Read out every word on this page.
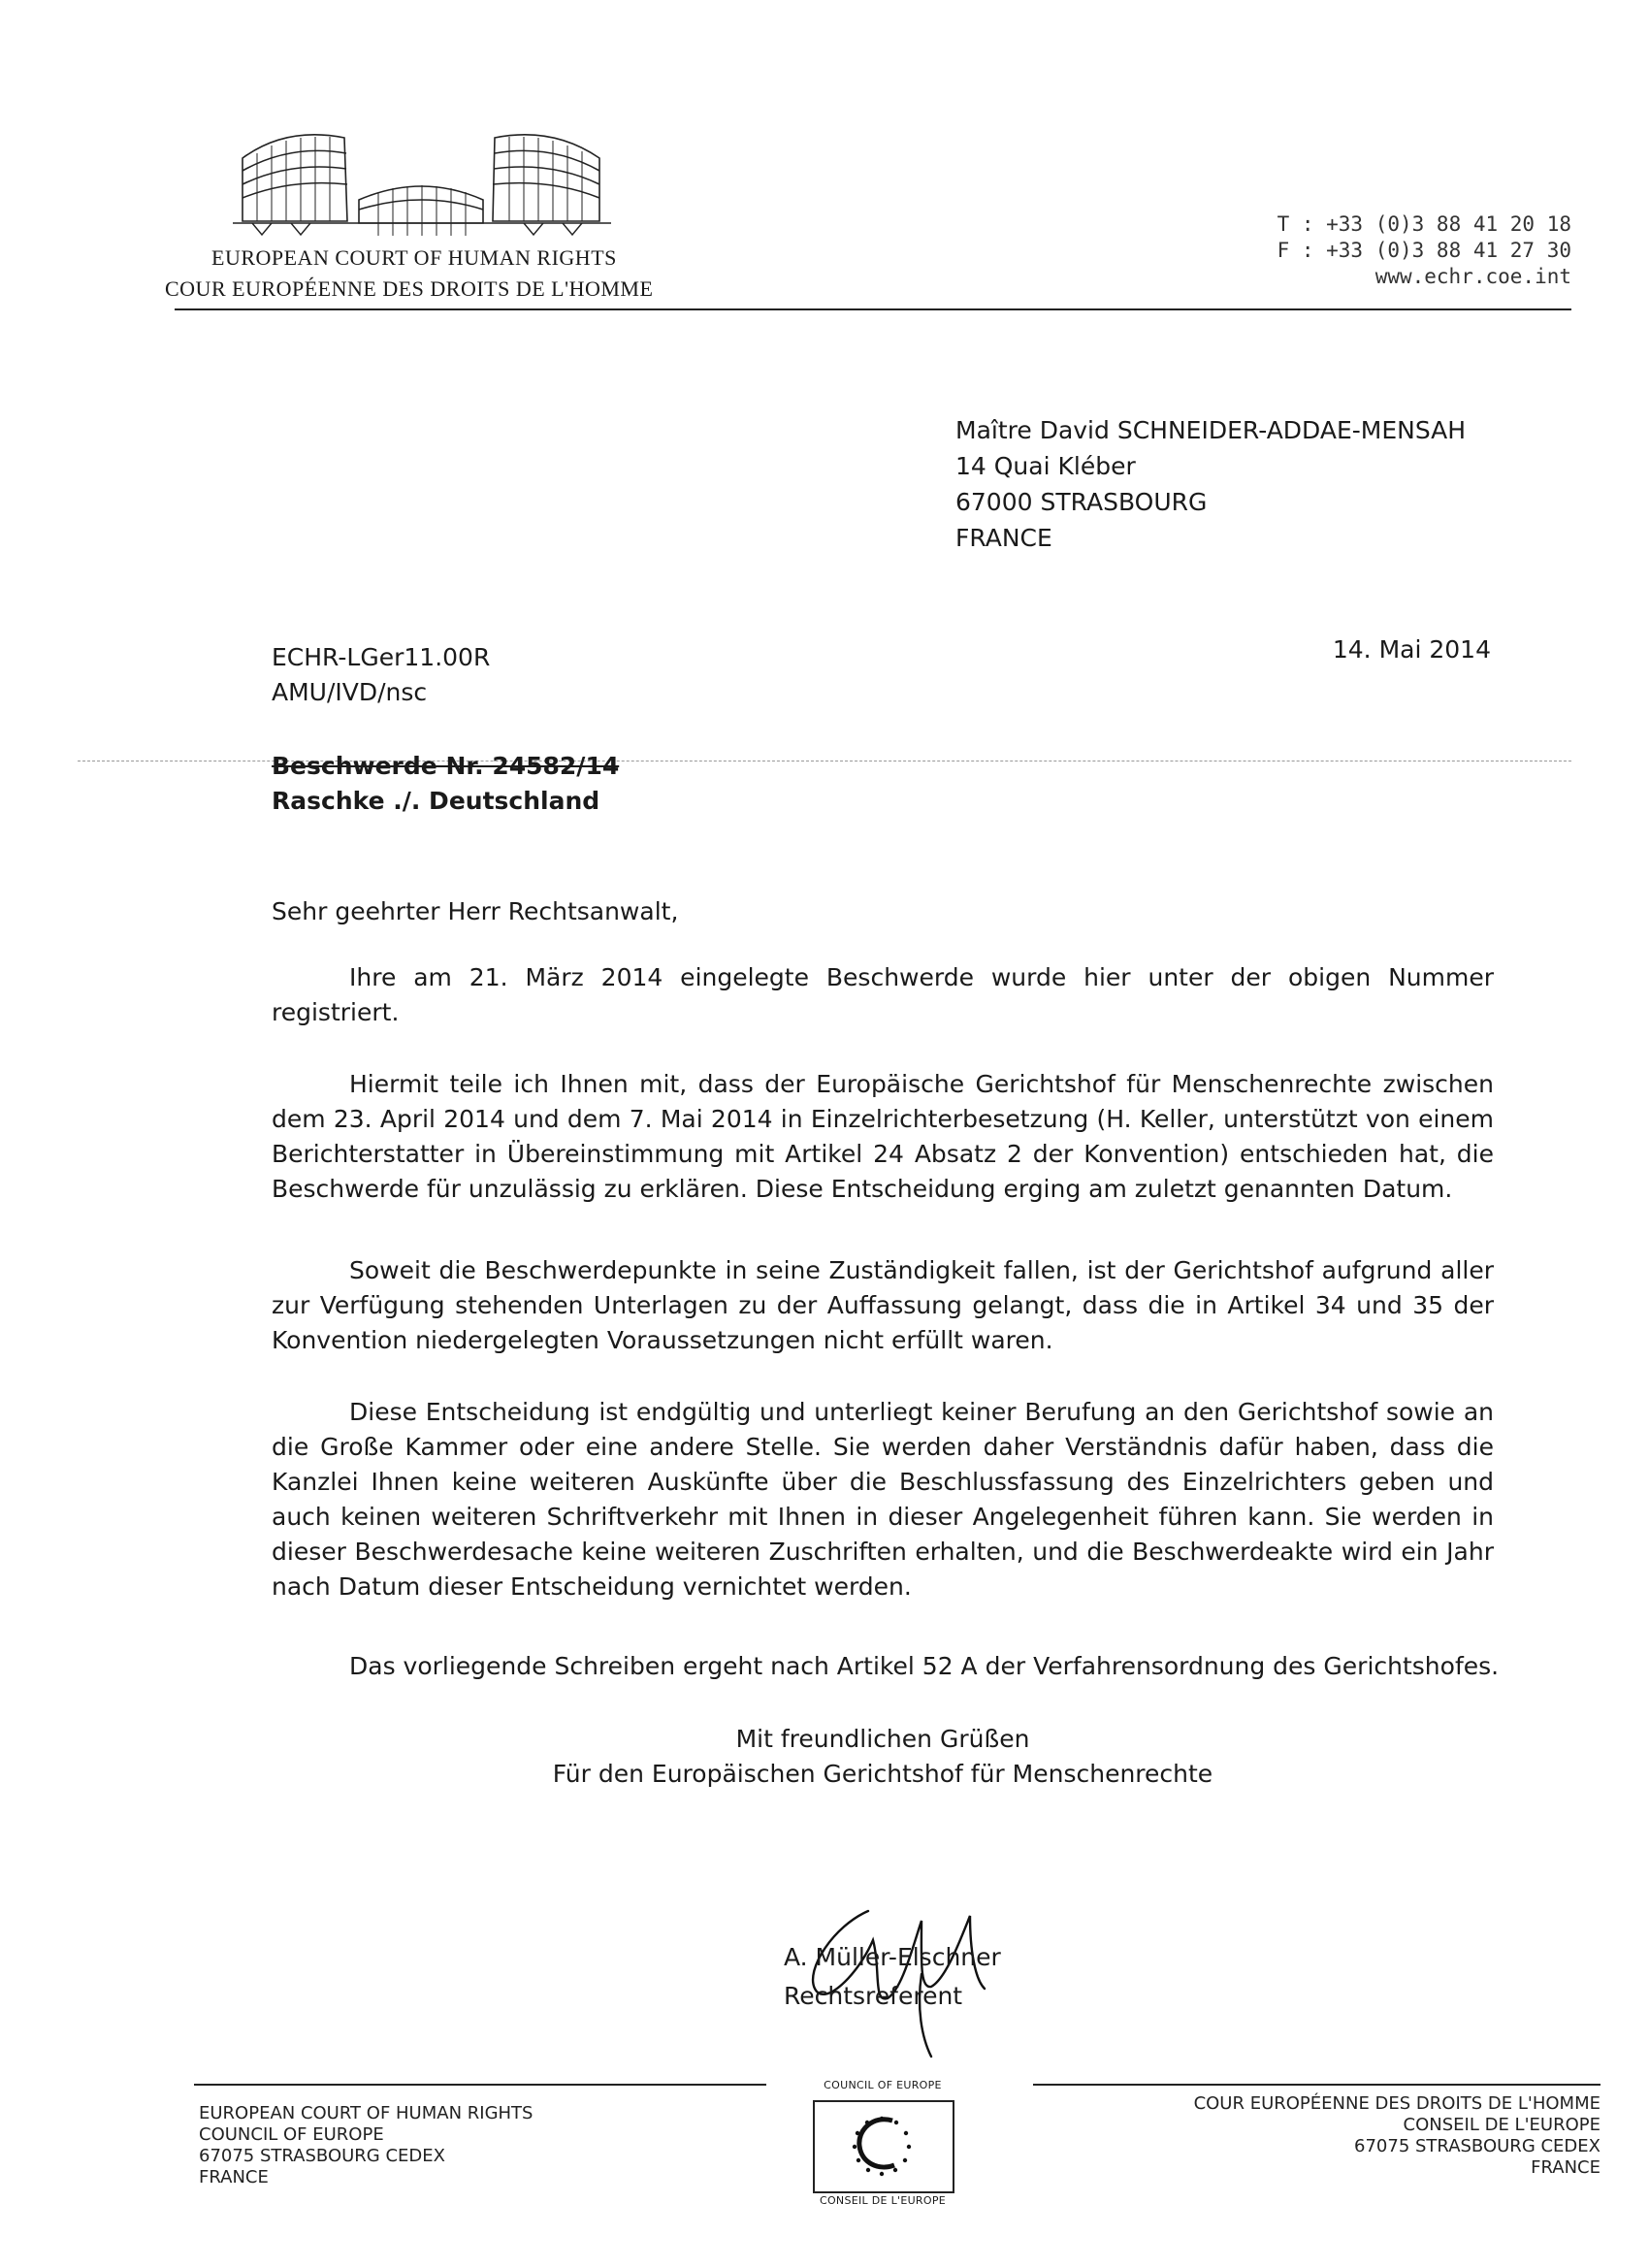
EUROPEAN COURT OF HUMAN RIGHTS
COUR EUROPÉENNE DES DROITS DE L'HOMME
T : +33 (0)3 88 41 20 18
F : +33 (0)3 88 41 27 30
www.echr.coe.int
Maître David SCHNEIDER-ADDAE-MENSAH
14 Quai Kléber
67000 STRASBOURG
FRANCE
ECHR-LGer11.00R
AMU/IVD/nsc
14. Mai 2014
Beschwerde Nr. 24582/14
Raschke ./. Deutschland
Sehr geehrter Herr Rechtsanwalt,
Ihre am 21. März 2014 eingelegte Beschwerde wurde hier unter der obigen Nummer registriert.
Hiermit teile ich Ihnen mit, dass der Europäische Gerichtshof für Menschenrechte zwischen dem 23. April 2014 und dem 7. Mai 2014 in Einzelrichterbesetzung (H. Keller, unterstützt von einem Berichterstatter in Übereinstimmung mit Artikel 24 Absatz 2 der Konvention) entschieden hat, die Beschwerde für unzulässig zu erklären. Diese Entscheidung erging am zuletzt genannten Datum.
Soweit die Beschwerdepunkte in seine Zuständigkeit fallen, ist der Gerichtshof aufgrund aller zur Verfügung stehenden Unterlagen zu der Auffassung gelangt, dass die in Artikel 34 und 35 der Konvention niedergelegten Voraussetzungen nicht erfüllt waren.
Diese Entscheidung ist endgültig und unterliegt keiner Berufung an den Gerichtshof sowie an die Große Kammer oder eine andere Stelle. Sie werden daher Verständnis dafür haben, dass die Kanzlei Ihnen keine weiteren Auskünfte über die Beschlussfassung des Einzelrichters geben und auch keinen weiteren Schriftverkehr mit Ihnen in dieser Angelegenheit führen kann. Sie werden in dieser Beschwerdesache keine weiteren Zuschriften erhalten, und die Beschwerdeakte wird ein Jahr nach Datum dieser Entscheidung vernichtet werden.
Das vorliegende Schreiben ergeht nach Artikel 52 A der Verfahrensordnung des Gerichtshofes.
Mit freundlichen Grüßen
Für den Europäischen Gerichtshof für Menschenrechte
A. Müller-Elschner
Rechtsreferent
EUROPEAN COURT OF HUMAN RIGHTS
COUNCIL OF EUROPE
67075 STRASBOURG CEDEX
FRANCE
COUNCIL OF EUROPE
CONSEIL DE L'EUROPE
COUR EUROPÉENNE DES DROITS DE L'HOMME
CONSEIL DE L'EUROPE
67075 STRASBOURG CEDEX
FRANCE
